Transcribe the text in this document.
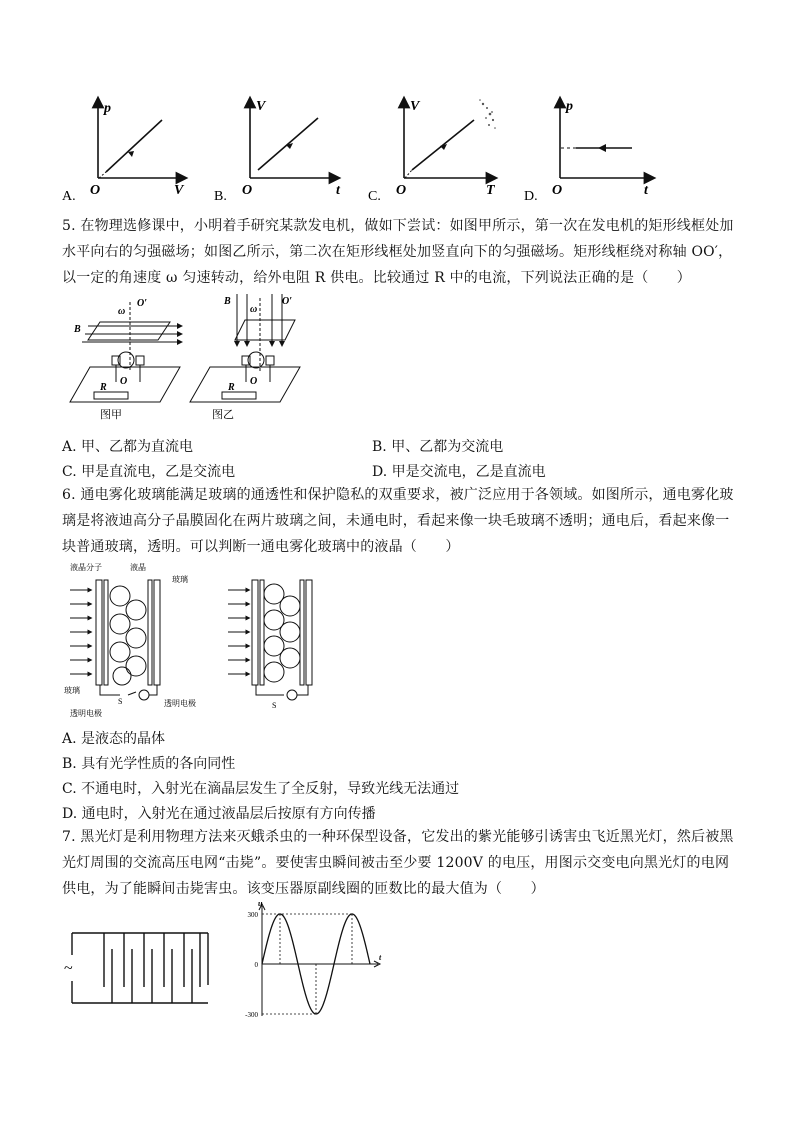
p
V
O
A.
V
t
O
B.
V
T
O
C.
p
t
O
D.
5. 在物理选修课中，小明着手研究某款发电机，做如下尝试：如图甲所示，第一次在发电机的矩形线框处加
水平向右的匀强磁场；如图乙所示，第二次在矩形线框处加竖直向下的匀强磁场。矩形线框绕对称轴 OO′，
以一定的角速度 ω 匀速转动，给外电阻 R 供电。比较通过 R 中的电流，下列说法正确的是（　　）
O′
ω
B
O
R
图甲
O′
ω
B
O
R
图乙
A. 甲、乙都为直流电	B. 甲、乙都为交流电
C. 甲是直流电，乙是交流电	D. 甲是交流电，乙是直流电
6. 通电雾化玻璃能满足玻璃的通透性和保护隐私的双重要求，被广泛应用于各领域。如图所示，通电雾化玻
璃是将液迪高分子晶膜固化在两片玻璃之间，未通电时，看起来像一块毛玻璃不透明；通电后，看起来像一
块普通玻璃，透明。可以判断一通电雾化玻璃中的液晶（　　）
液晶分子	液晶
玻璃
玻璃
透明电极
透明电极
S	S
A. 是液态的晶体
B. 具有光学性质的各向同性
C. 不通电时，入射光在滴晶层发生了全反射，导致光线无法通过
D. 通电时，入射光在通过液晶层后按原有方向传播
7. 黑光灯是利用物理方法来灭蛾杀虫的一种环保型设备，它发出的紫光能够引诱害虫飞近黑光灯，然后被黑
光灯周围的交流高压电网“击毙”。要使害虫瞬间被击至少要 1200V 的电压，用图示交变电向黑光灯的电网
供电，为了能瞬间击毙害虫。该变压器原副线圈的匝数比的最大值为（　　）
~
u
t
300
0
-300
